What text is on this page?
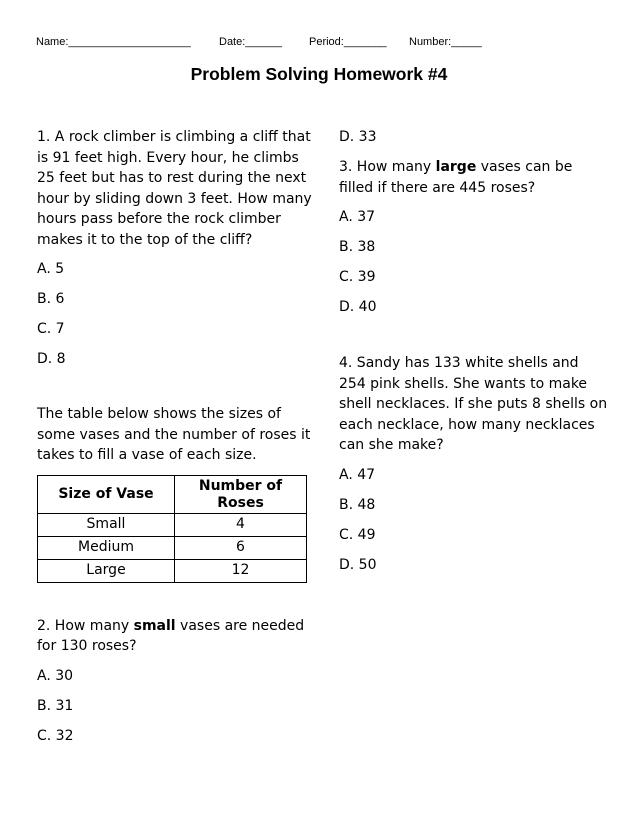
Name:____________________	Date:______ Period:_______ Number:_____
Problem Solving Homework #4

1. A rock climber is climbing a cliff that is 91 feet high. Every hour, he climbs 25 feet but has to rest during the next hour by sliding down 3 feet. How many hours pass before the rock climber makes it to the top of the cliff?

A. 5

B. 6

C. 7

D. 8

The table below shows the sizes of some vases and the number of roses it takes to fill a vase of each size.

Size of Vase	Number of Roses
Small	4
Medium	6
Large	12

2. How many small vases are needed for 130 roses?

A. 30

B. 31

C. 32

D. 33

3. How many large vases can be filled if there are 445 roses?

A. 37

B. 38

C. 39

D. 40

4. Sandy has 133 white shells and 254 pink shells. She wants to make shell necklaces. If she puts 8 shells on each necklace, how many necklaces can she make?

A. 47

B. 48

C. 49

D. 50
